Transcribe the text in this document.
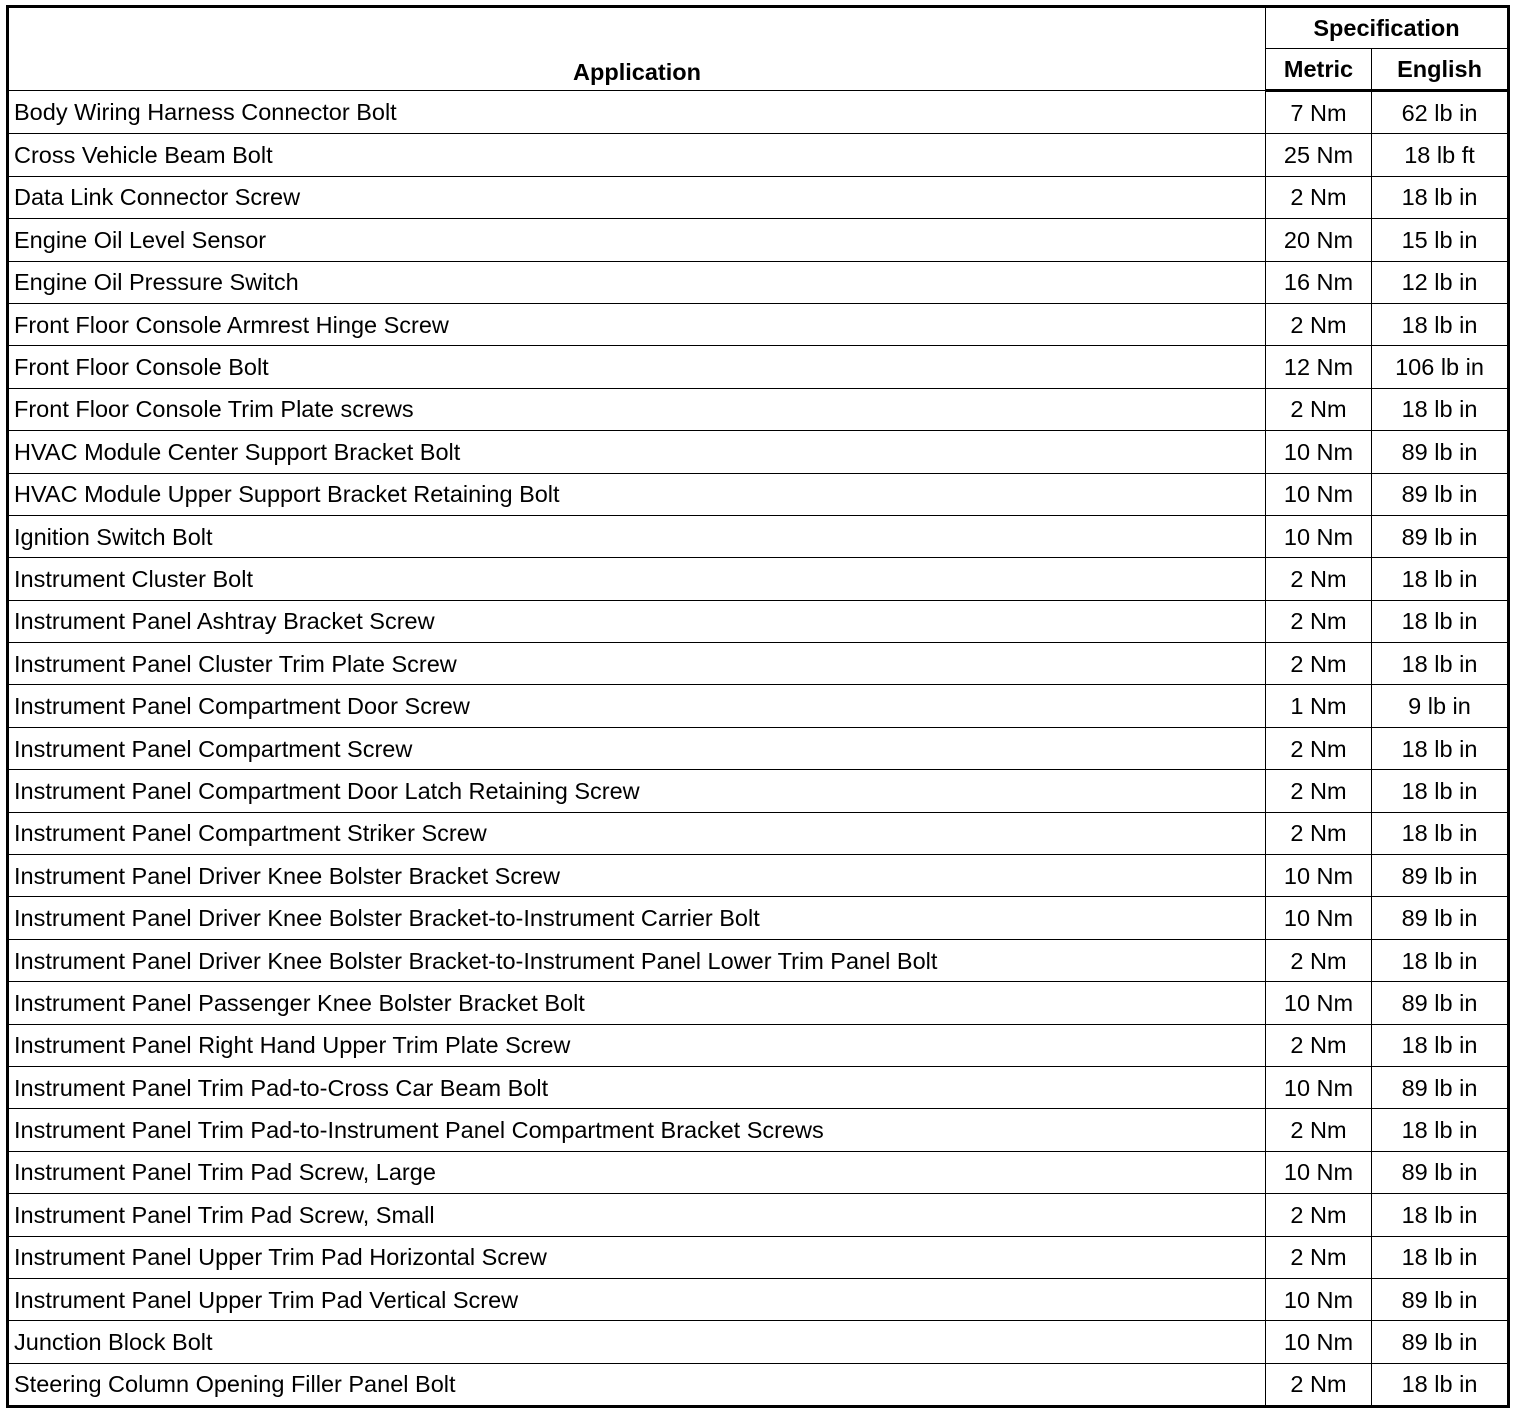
Application	Specification	
	Metric	English
Body Wiring Harness Connector Bolt	7 Nm	62 lb in
Cross Vehicle Beam Bolt	25 Nm	18 lb ft
Data Link Connector Screw	2 Nm	18 lb in
Engine Oil Level Sensor	20 Nm	15 lb in
Engine Oil Pressure Switch	16 Nm	12 lb in
Front Floor Console Armrest Hinge Screw	2 Nm	18 lb in
Front Floor Console Bolt	12 Nm	106 lb in
Front Floor Console Trim Plate screws	2 Nm	18 lb in
HVAC Module Center Support Bracket Bolt	10 Nm	89 lb in
HVAC Module Upper Support Bracket Retaining Bolt	10 Nm	89 lb in
Ignition Switch Bolt	10 Nm	89 lb in
Instrument Cluster Bolt	2 Nm	18 lb in
Instrument Panel Ashtray Bracket Screw	2 Nm	18 lb in
Instrument Panel Cluster Trim Plate Screw	2 Nm	18 lb in
Instrument Panel Compartment Door Screw	1 Nm	9 lb in
Instrument Panel Compartment Screw	2 Nm	18 lb in
Instrument Panel Compartment Door Latch Retaining Screw	2 Nm	18 lb in
Instrument Panel Compartment Striker Screw	2 Nm	18 lb in
Instrument Panel Driver Knee Bolster Bracket Screw	10 Nm	89 lb in
Instrument Panel Driver Knee Bolster Bracket-to-Instrument Carrier Bolt	10 Nm	89 lb in
Instrument Panel Driver Knee Bolster Bracket-to-Instrument Panel Lower Trim Panel Bolt	2 Nm	18 lb in
Instrument Panel Passenger Knee Bolster Bracket Bolt	10 Nm	89 lb in
Instrument Panel Right Hand Upper Trim Plate Screw	2 Nm	18 lb in
Instrument Panel Trim Pad-to-Cross Car Beam Bolt	10 Nm	89 lb in
Instrument Panel Trim Pad-to-Instrument Panel Compartment Bracket Screws	2 Nm	18 lb in
Instrument Panel Trim Pad Screw, Large	10 Nm	89 lb in
Instrument Panel Trim Pad Screw, Small	2 Nm	18 lb in
Instrument Panel Upper Trim Pad Horizontal Screw	2 Nm	18 lb in
Instrument Panel Upper Trim Pad Vertical Screw	10 Nm	89 lb in
Junction Block Bolt	10 Nm	89 lb in
Steering Column Opening Filler Panel Bolt	2 Nm	18 lb in
